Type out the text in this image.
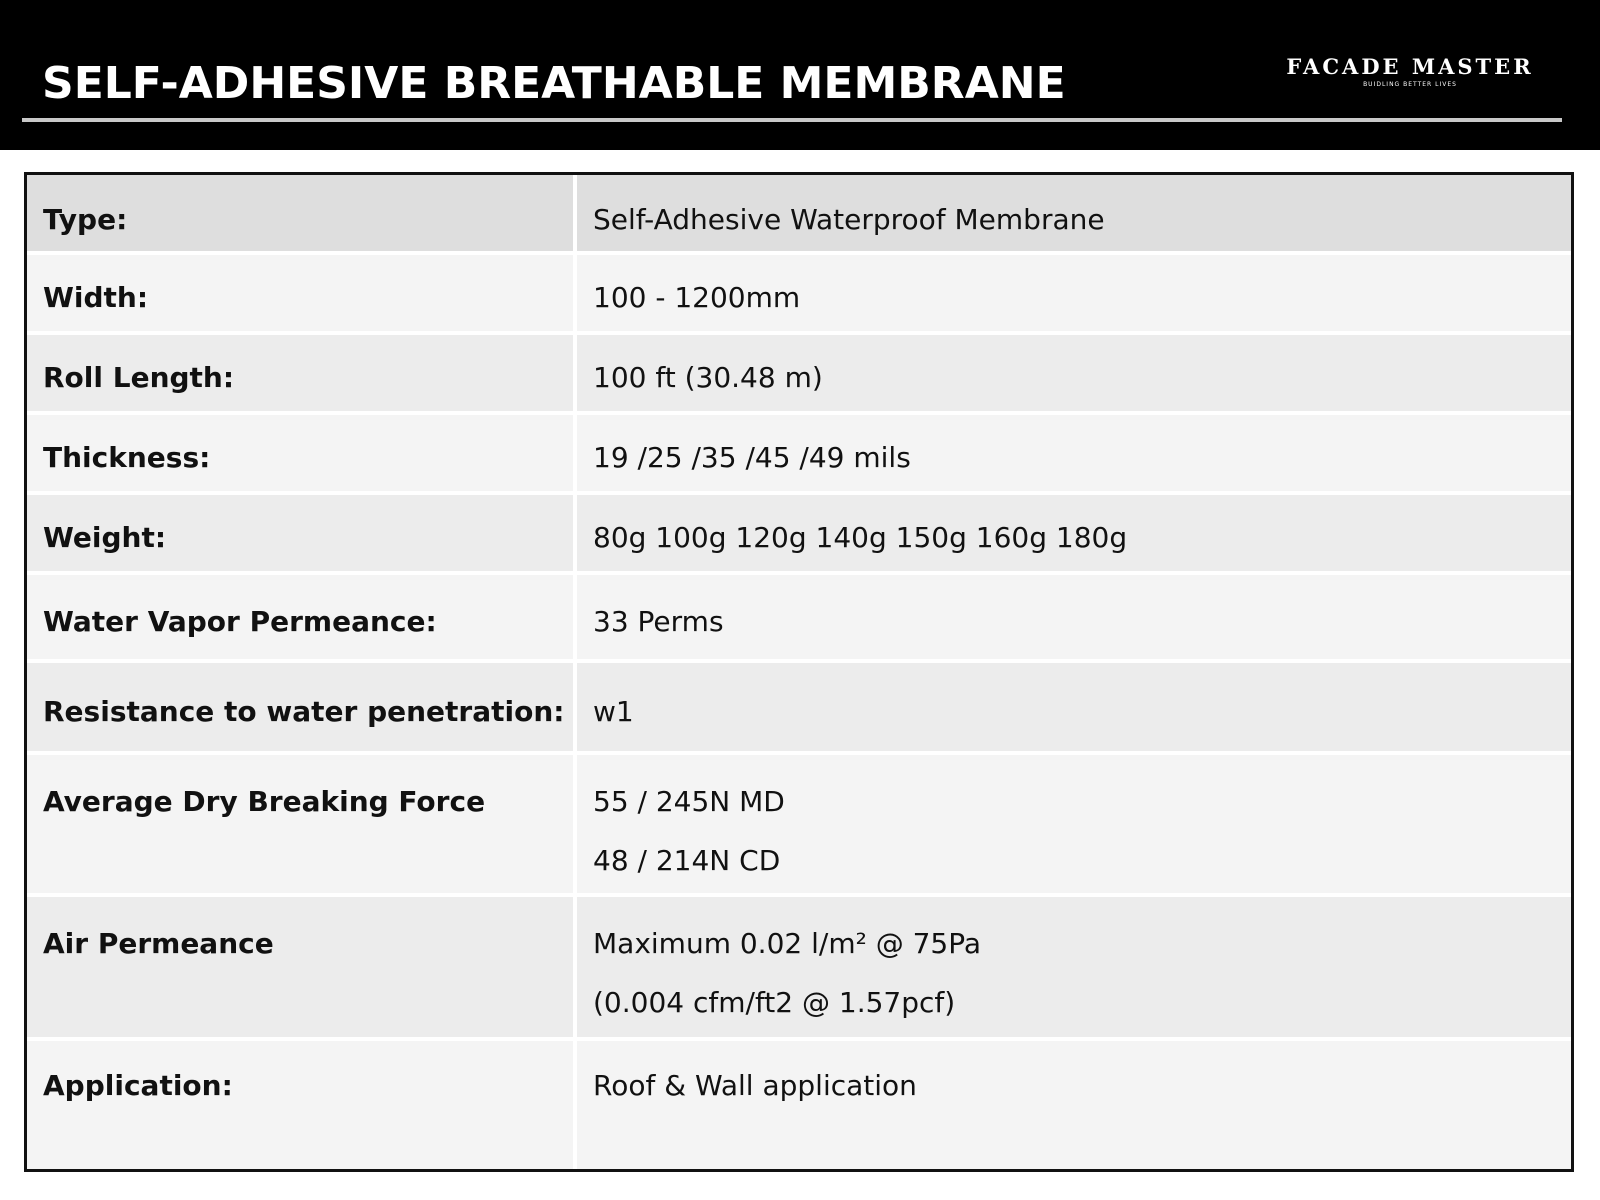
SELF-ADHESIVE BREATHABLE MEMBRANE	FACADE MASTER
BUIDLING BETTER LIVES
Type:	Self-Adhesive Waterproof Membrane

Width:	100 - 1200mm

Roll Length:	100 ft (30.48 m)

Thickness:	19 /25 /35 /45 /49 mils

Weight:	80g 100g 120g 140g 150g 160g 180g

Water Vapor Permeance:	33 Perms

Resistance to water penetration:	w1

Average Dry Breaking Force	55 / 245N MD
48 / 214N CD

Air Permeance	Maximum 0.02 l/m² @ 75Pa
(0.004 cfm/ft2 @ 1.57pcf)

Application:	Roof & Wall application
